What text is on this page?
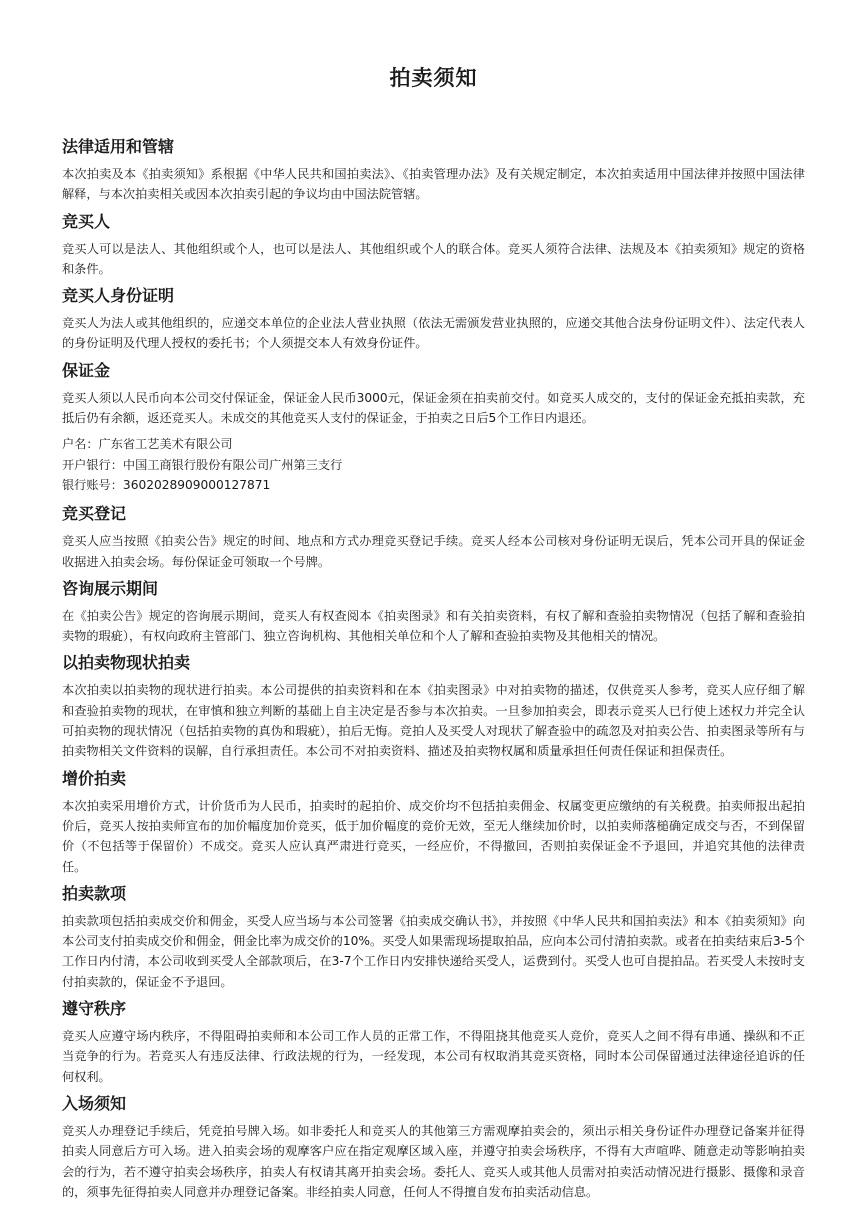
拍卖须知
法律适用和管辖

本次拍卖及本《拍卖须知》系根据《中华人民共和国拍卖法》、《拍卖管理办法》及有关规定制定，本次拍卖适用中国法律并按照中国法律解释，与本次拍卖相关或因本次拍卖引起的争议均由中国法院管辖。

竞买人

竞买人可以是法人、其他组织或个人，也可以是法人、其他组织或个人的联合体。竞买人须符合法律、法规及本《拍卖须知》规定的资格和条件。

竞买人身份证明

竞买人为法人或其他组织的，应递交本单位的企业法人营业执照（依法无需颁发营业执照的，应递交其他合法身份证明文件）、法定代表人的身份证明及代理人授权的委托书；个人须提交本人有效身份证件。

保证金

竞买人须以人民币向本公司交付保证金，保证金人民币3000元，保证金须在拍卖前交付。如竞买人成交的，支付的保证金充抵拍卖款，充抵后仍有余额，返还竞买人。未成交的其他竞买人支付的保证金，于拍卖之日后5个工作日内退还。

户名：广东省工艺美术有限公司

开户银行：中国工商银行股份有限公司广州第三支行

银行账号：3602028909000127871

竞买登记

竞买人应当按照《拍卖公告》规定的时间、地点和方式办理竞买登记手续。竞买人经本公司核对身份证明无误后，凭本公司开具的保证金收据进入拍卖会场。每份保证金可领取一个号牌。

咨询展示期间

在《拍卖公告》规定的咨询展示期间，竞买人有权查阅本《拍卖图录》和有关拍卖资料，有权了解和查验拍卖物情况（包括了解和查验拍卖物的瑕疵），有权向政府主管部门、独立咨询机构、其他相关单位和个人了解和查验拍卖物及其他相关的情况。

以拍卖物现状拍卖

本次拍卖以拍卖物的现状进行拍卖。本公司提供的拍卖资料和在本《拍卖图录》中对拍卖物的描述，仅供竞买人参考，竞买人应仔细了解和查验拍卖物的现状，在审慎和独立判断的基础上自主决定是否参与本次拍卖。一旦参加拍卖会，即表示竞买人已行使上述权力并完全认可拍卖物的现状情况（包括拍卖物的真伪和瑕疵），拍后无悔。竞拍人及买受人对现状了解查验中的疏忽及对拍卖公告、拍卖图录等所有与拍卖物相关文件资料的误解，自行承担责任。本公司不对拍卖资料、描述及拍卖物权属和质量承担任何责任保证和担保责任。

增价拍卖

本次拍卖采用增价方式，计价货币为人民币，拍卖时的起拍价、成交价均不包括拍卖佣金、权属变更应缴纳的有关税费。拍卖师报出起拍价后，竞买人按拍卖师宣布的加价幅度加价竞买，低于加价幅度的竞价无效，至无人继续加价时，以拍卖师落槌确定成交与否，不到保留价（不包括等于保留价）不成交。竞买人应认真严肃进行竞买，一经应价，不得撤回，否则拍卖保证金不予退回，并追究其他的法律责任。

拍卖款项

拍卖款项包括拍卖成交价和佣金，买受人应当场与本公司签署《拍卖成交确认书》，并按照《中华人民共和国拍卖法》和本《拍卖须知》向本公司支付拍卖成交价和佣金，佣金比率为成交价的10%。买受人如果需现场提取拍品，应向本公司付清拍卖款。或者在拍卖结束后3-5个工作日内付清，本公司收到买受人全部款项后，在3-7个工作日内安排快递给买受人，运费到付。买受人也可自提拍品。若买受人未按时支付拍卖款的，保证金不予退回。

遵守秩序

竞买人应遵守场内秩序，不得阻碍拍卖师和本公司工作人员的正常工作，不得阻挠其他竞买人竞价，竞买人之间不得有串通、操纵和不正当竞争的行为。若竞买人有违反法律、行政法规的行为，一经发现，本公司有权取消其竞买资格，同时本公司保留通过法律途径追诉的任何权利。

入场须知

竞买人办理登记手续后，凭竞拍号牌入场。如非委托人和竞买人的其他第三方需观摩拍卖会的，须出示相关身份证件办理登记备案并征得拍卖人同意后方可入场。进入拍卖会场的观摩客户应在指定观摩区域入座，并遵守拍卖会场秩序，不得有大声喧哗、随意走动等影响拍卖会的行为，若不遵守拍卖会场秩序，拍卖人有权请其离开拍卖会场。委托人、竞买人或其他人员需对拍卖活动情况进行摄影、摄像和录音的，须事先征得拍卖人同意并办理登记备案。非经拍卖人同意，任何人不得擅自发布拍卖活动信息。
